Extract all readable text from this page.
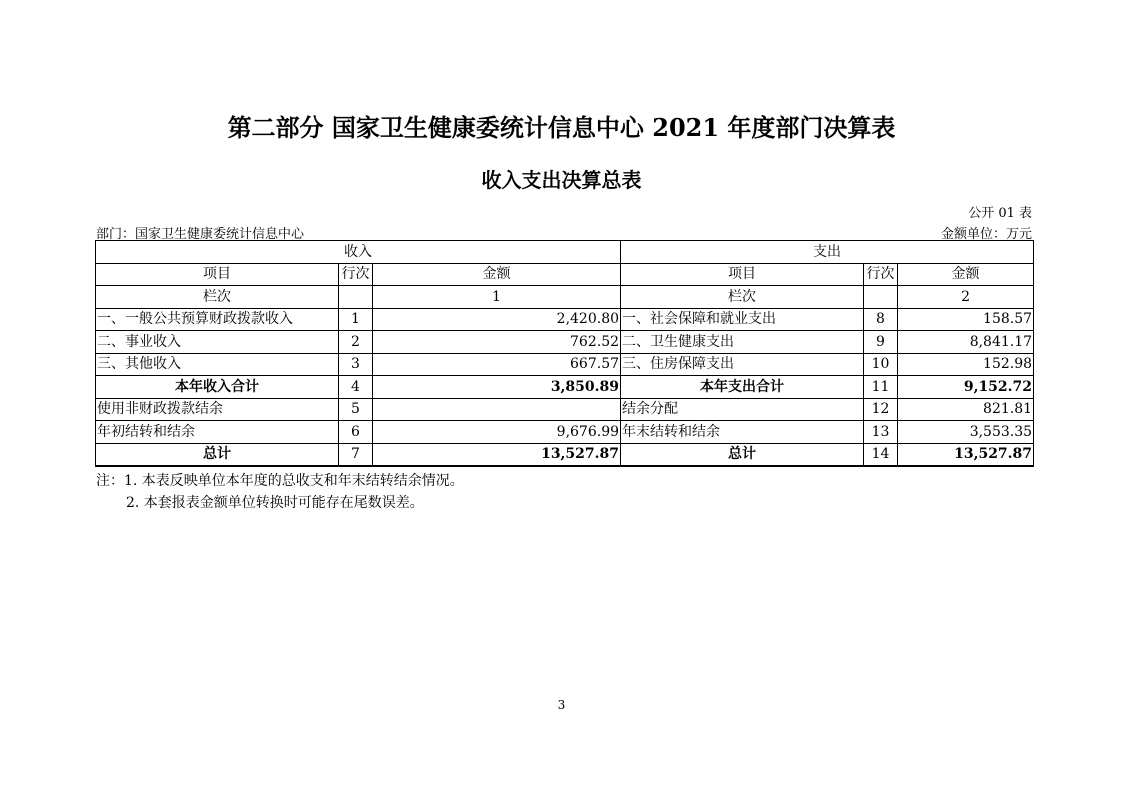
第二部分 国家卫生健康委统计信息中心 2021 年度部门决算表
收入支出决算总表
公开 01 表
部门：国家卫生健康委统计信息中心	金额单位：万元
收入			支出		
项目	行次	金额	项目	行次	金额
栏次		1	栏次		2
一、一般公共预算财政拨款收入	1	2,420.80	一、社会保障和就业支出	8	158.57
二、事业收入	2	762.52	二、卫生健康支出	9	8,841.17
三、其他收入	3	667.57	三、住房保障支出	10	152.98
本年收入合计	4	3,850.89	本年支出合计	11	9,152.72
使用非财政拨款结余	5		结余分配	12	821.81
年初结转和结余	6	9,676.99	年末结转和结余	13	3,553.35
总计	7	13,527.87	总计	14	13,527.87
注：1. 本表反映单位本年度的总收支和年末结转结余情况。
2. 本套报表金额单位转换时可能存在尾数误差。
3
